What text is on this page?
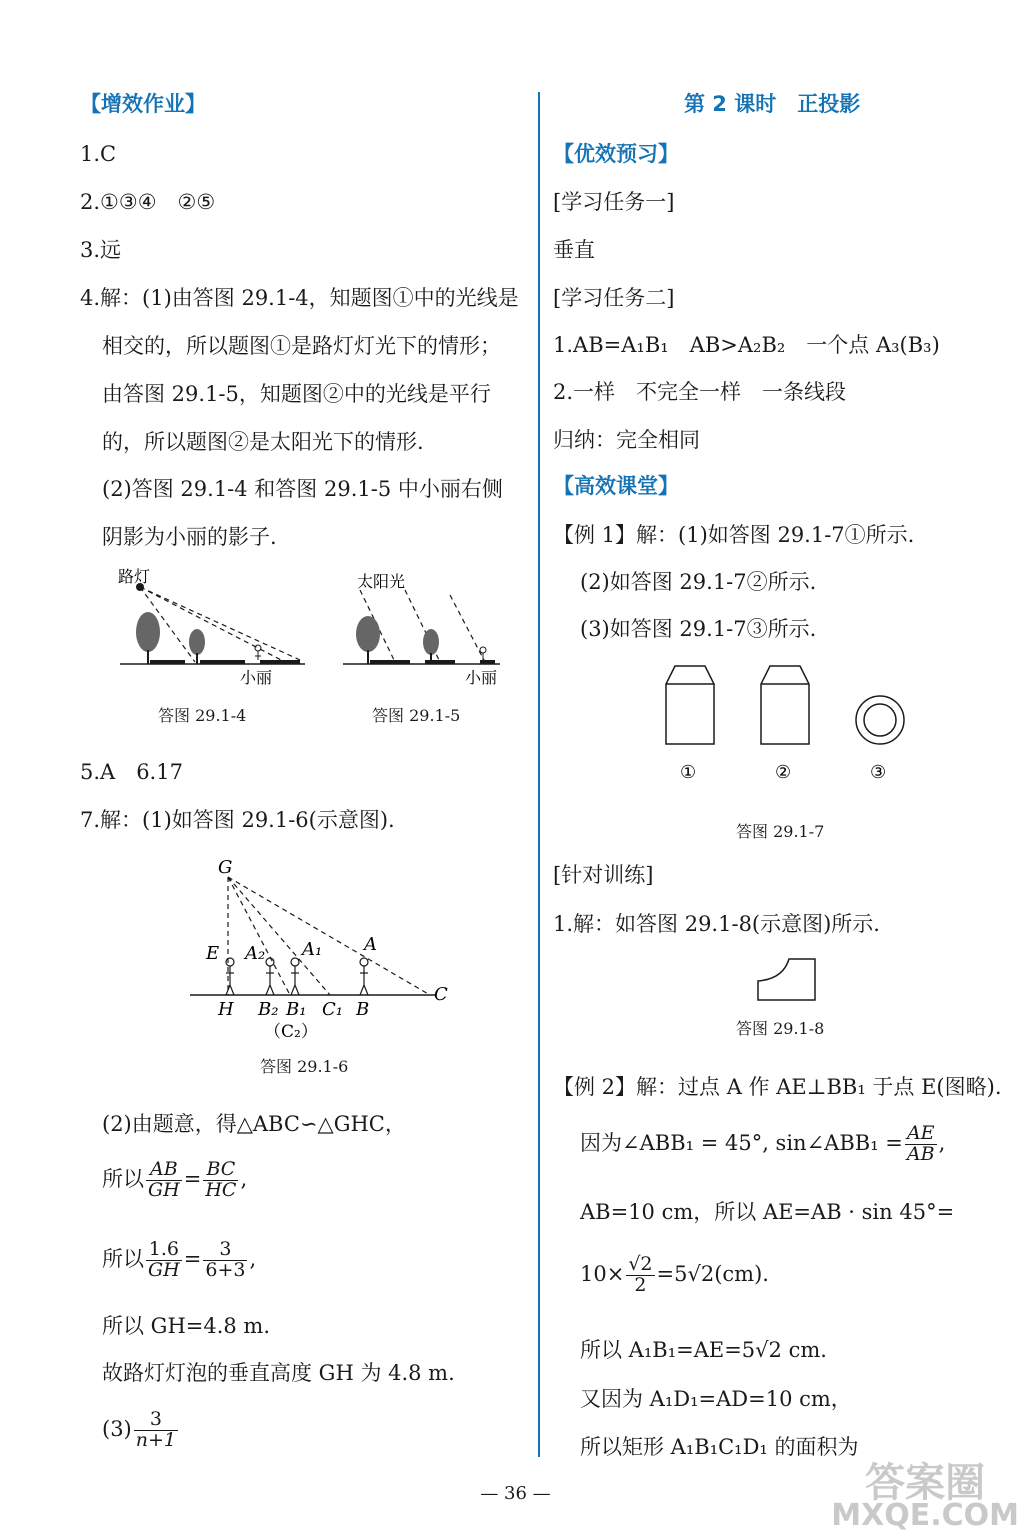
【增效作业】
1.C
2.①③④　②⑤
3.远
4.解：(1)由答图 29.1-4，知题图①中的光线是
相交的，所以题图①是路灯灯光下的情形；
由答图 29.1-5，知题图②中的光线是平行
的，所以题图②是太阳光下的情形.
(2)答图 29.1-4 和答图 29.1-5 中小丽右侧
阴影为小丽的影子.
路灯
小丽
答图 29.1-4
太阳光
小丽
答图 29.1-5
5.A　6.17
7.解：(1)如答图 29.1-6(示意图).
G
E A₂ A₁ A
H B₂ B₁ C₁ B
C
（C₂）
答图 29.1-6
(2)由题意，得△ABC∽△GHC，
所以 $\frac{AB}{GH} = \frac{BC}{HC}$ ,
所以 $\frac{1.6}{GH} = \frac{3}{6+3}$ ,
所以 GH=4.8 m.
故路灯灯泡的垂直高度 GH 为 4.8 m.
$(3) \frac{3}{n+1}$
第 2 课时　正投影
【优效预习】
[学习任务一]
垂直
[学习任务二]
1.AB=A₁B₁　AB>A₂B₂　一个点 A₃(B₃)
2.一样　不完全一样　一条线段
归纳：完全相同
【高效课堂】
【例 1】解：(1)如答图 29.1-7①所示.
(2)如答图 29.1-7②所示.
(3)如答图 29.1-7③所示.
①	②	③
答图 29.1-7
[针对训练]
1.解：如答图 29.1-8(示意图)所示.
答图 29.1-8
【例 2】解：过点 A 作 AE⊥BB₁ 于点 E(图略).
因为∠ABB₁ = 45°, sin∠ABB₁ = $\frac{AE}{AB}$ ,
AB=10 cm，所以 AE=AB · sin 45°=
$10\times \frac{√2}{2} =5√2(cm)$.
所以 A₁B₁=AE=5√2 cm.
又因为 A₁D₁=AD=10 cm，
所以矩形 A₁B₁C₁D₁ 的面积为
— 36 —	答案圈
MXQE.COM
